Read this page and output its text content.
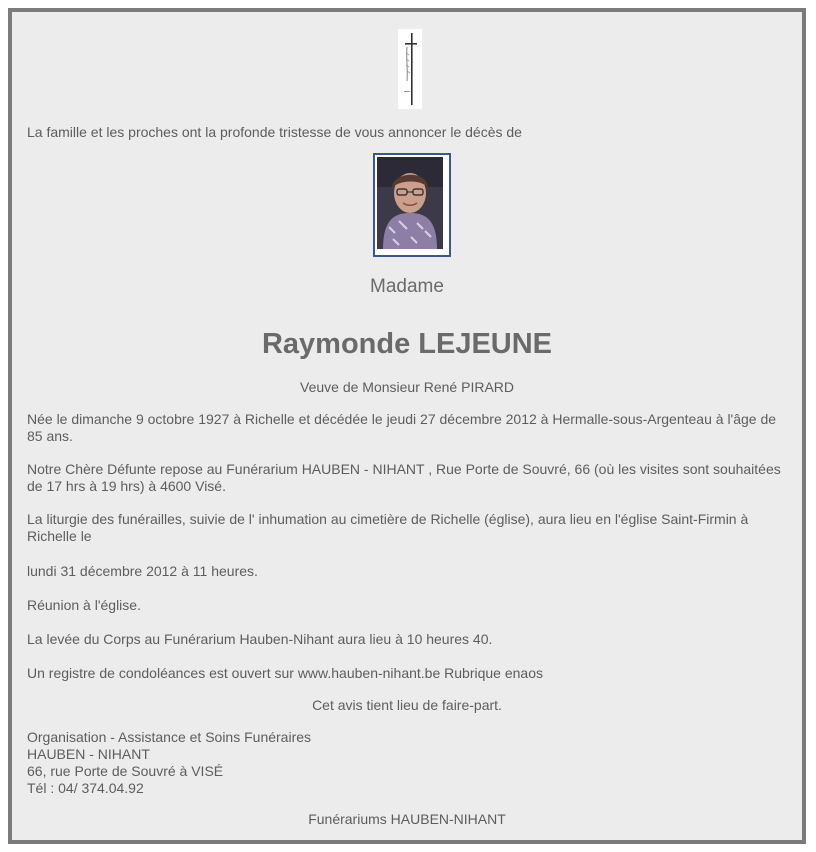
La famille et les proches ont la profonde tristesse de vous annoncer le décès de
Madame
Raymonde LEJEUNE
Veuve de Monsieur René PIRARD
Née le dimanche 9 octobre 1927 à Richelle et décédée le jeudi 27 décembre 2012 à Hermalle-sous-Argenteau à l'âge de 85 ans.
Notre Chère Défunte repose au Funérarium HAUBEN - NIHANT , Rue Porte de Souvré, 66 (où les visites sont souhaitées de 17 hrs à 19 hrs) à 4600 Visé.
La liturgie des funérailles, suivie de l' inhumation au cimetière de Richelle (église), aura lieu en l'église Saint-Firmin à Richelle le
lundi 31 décembre 2012 à 11 heures.
Réunion à l'église.
La levée du Corps au Funérarium Hauben-Nihant aura lieu à 10 heures 40.
Un registre de condoléances est ouvert sur www.hauben-nihant.be Rubrique enaos
Cet avis tient lieu de faire-part.
Organisation - Assistance et Soins Funéraires
HAUBEN - NIHANT
66, rue Porte de Souvré à VISÉ
Tél : 04/ 374.04.92
Funérariums HAUBEN-NIHANT
